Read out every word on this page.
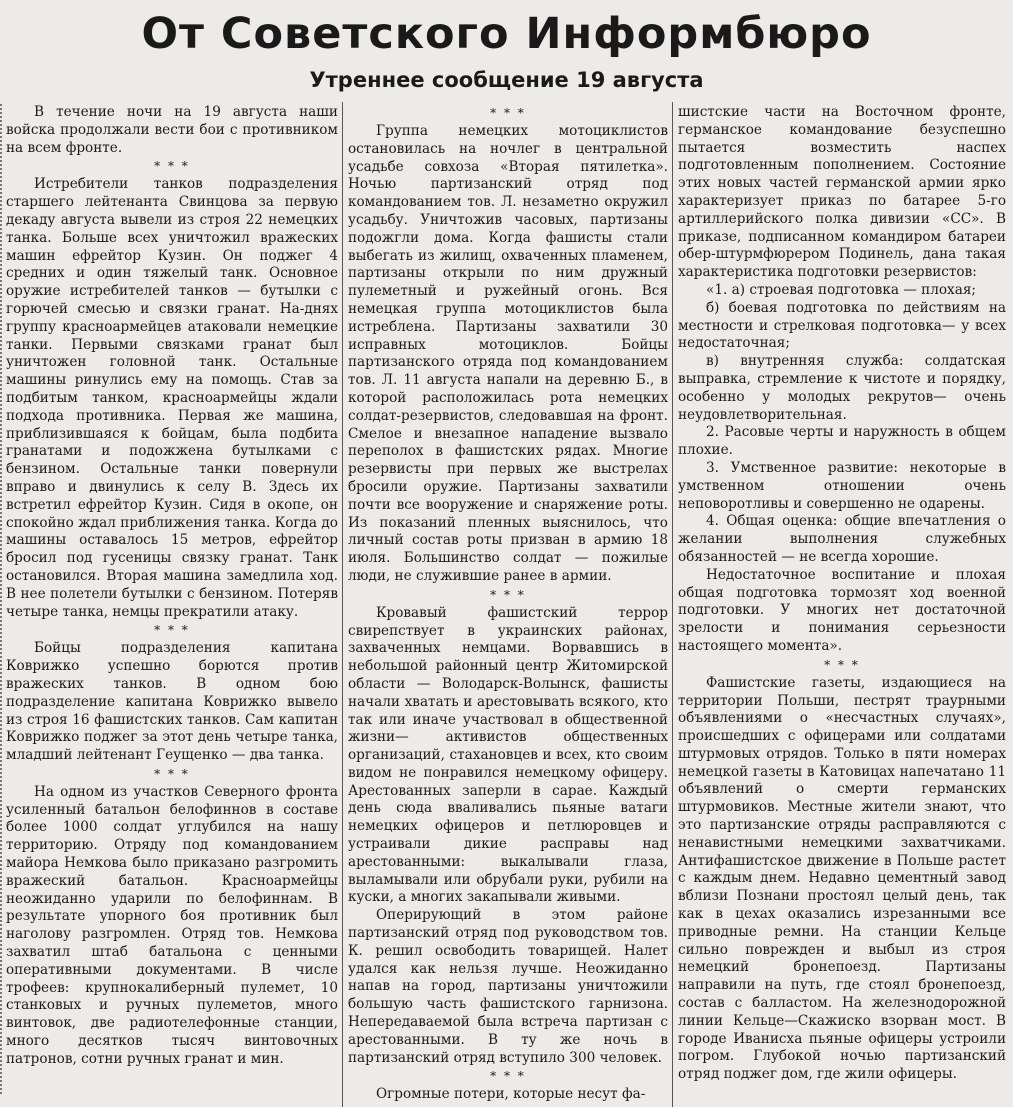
От Советского Информбюро
Утреннее сообщение 19 августа

В течение ночи на 19 августа наши войска продолжали вести бои с противником на всем фронте.

* * *

Истребители танков подразделения старшего лейтенанта Свинцова за первую декаду августа вывели из строя 22 немецких танка. Больше всех уничтожил вражеских машин ефрейтор Кузин. Он поджег 4 средних и один тяжелый танк. Основное оружие истребителей танков — бутылки с горючей смесью и связки гранат. На-днях группу красноармейцев атаковали немецкие танки. Первыми связками гранат был уничтожен головной танк. Остальные машины ринулись ему на помощь. Став за подбитым танком, красноармейцы ждали подхода противника. Первая же машина, приблизившаяся к бойцам, была подбита гранатами и подожжена бутылками с бензином. Остальные танки повернули вправо и двинулись к селу В. Здесь их встретил ефрейтор Кузин. Сидя в окопе, он спокойно ждал приближения танка. Когда до машины оставалось 15 метров, ефрейтор бросил под гусеницы связку гранат. Танк остановился. Вторая машина замедлила ход. В нее полетели бутылки с бензином. Потеряв четыре танка, немцы прекратили атаку.

* * *

Бойцы подразделения капитана Коврижко успешно борются против вражеских танков. В одном бою подразделение капитана Коврижко вывело из строя 16 фашистских танков. Сам капитан Коврижко поджег за этот день четыре танка, младший лейтенант Геущенко — два танка.

* * *

На одном из участков Северного фронта усиленный батальон белофиннов в составе более 1000 солдат углубился на нашу территорию. Отряду под командованием майора Немкова было приказано разгромить вражеский батальон. Красноармейцы неожиданно ударили по белофиннам. В результате упорного боя противник был наголову разгромлен. Отряд тов. Немкова захватил штаб батальона с ценными оперативными документами. В числе трофеев: крупнокалиберный пулемет, 10 станковых и ручных пулеметов, много винтовок, две радиотелефонные станции, много десятков тысяч винтовочных патронов, сотни ручных гранат и мин.

* * *

Группа немецких мотоциклистов остановилась на ночлег в центральной усадьбе совхоза «Вторая пятилетка». Ночью партизанский отряд под командованием тов. Л. незаметно окружил усадьбу. Уничтожив часовых, партизаны подожгли дома. Когда фашисты стали выбегать из жилищ, охваченных пламенем, партизаны открыли по ним дружный пулеметный и ружейный огонь. Вся немецкая группа мотоциклистов была истреблена. Партизаны захватили 30 исправных мотоциклов. Бойцы партизанского отряда под командованием тов. Л. 11 августа напали на деревню Б., в которой расположилась рота немецких солдат-резервистов, следовавшая на фронт. Смелое и внезапное нападение вызвало переполох в фашистских рядах. Многие резервисты при первых же выстрелах бросили оружие. Партизаны захватили почти все вооружение и снаряжение роты. Из показаний пленных выяснилось, что личный состав роты призван в армию 18 июля. Большинство солдат — пожилые люди, не служившие ранее в армии.

* * *

Кровавый фашистский террор свирепствует в украинских районах, захваченных немцами. Ворвавшись в небольшой районный центр Житомирской области — Володарск-Волынск, фашисты начали хватать и арестовывать всякого, кто так или иначе участвовал в общественной жизни— активистов общественных организаций, стахановцев и всех, кто своим видом не понравился немецкому офицеру. Арестованных заперли в сарае. Каждый день сюда вваливались пьяные ватаги немецких офицеров и петлюровцев и устраивали дикие расправы над арестованными: выкалывали глаза, выламывали или обрубали руки, рубили на куски, а многих закапывали живыми.

Оперирующий в этом районе партизанский отряд под руководством тов. К. решил освободить товарищей. Налет удался как нельзя лучше. Неожиданно напав на город, партизаны уничтожили большую часть фашистского гарнизона. Непередаваемой была встреча партизан с арестованными. В ту же ночь в партизанский отряд вступило 300 человек.

* * *

Огромные потери, которые несут фа-

шистские части на Восточном фронте, германское командование безуспешно пытается возместить наспех подготовленным пополнением. Состояние этих новых частей германской армии ярко характеризует приказ по батарее 5-го артиллерийского полка дивизии «СС». В приказе, подписанном командиром батареи обер-штурмфюрером Подинель, дана такая характеристика подготовки резервистов:

«1. а) строевая подготовка — плохая;

б) боевая подготовка по действиям на местности и стрелковая подготовка— у всех недостаточная;

в) внутренняя служба: солдатская выправка, стремление к чистоте и порядку, особенно у молодых рекрутов— очень неудовлетворительная.

2. Расовые черты и наружность в общем плохие.

3. Умственное развитие: некоторые в умственном отношении очень неповоротливы и совершенно не одарены.

4. Общая оценка: общие впечатления о желании выполнения служебных обязанностей — не всегда хорошие.

Недостаточное воспитание и плохая общая подготовка тормозят ход военной подготовки. У многих нет достаточной зрелости и понимания серьезности настоящего момента».

* * *

Фашистские газеты, издающиеся на территории Польши, пестрят траурными объявлениями о «несчастных случаях», происшедших с офицерами или солдатами штурмовых отрядов. Только в пяти номерах немецкой газеты в Катовицах напечатано 11 объявлений о смерти германских штурмовиков. Местные жители знают, что это партизанские отряды расправляются с ненавистными немецкими захватчиками. Антифашистское движение в Польше растет с каждым днем. Недавно цементный завод вблизи Познани простоял целый день, так как в цехах оказались изрезанными все приводные ремни. На станции Кельце сильно поврежден и выбыл из строя немецкий бронепоезд. Партизаны направили на путь, где стоял бронепоезд, состав с балластом. На железнодорожной линии Кельце—Скажиско взорван мост. В городе Иванисха пьяные офицеры устроили погром. Глубокой ночью партизанский отряд поджег дом, где жили офицеры.
